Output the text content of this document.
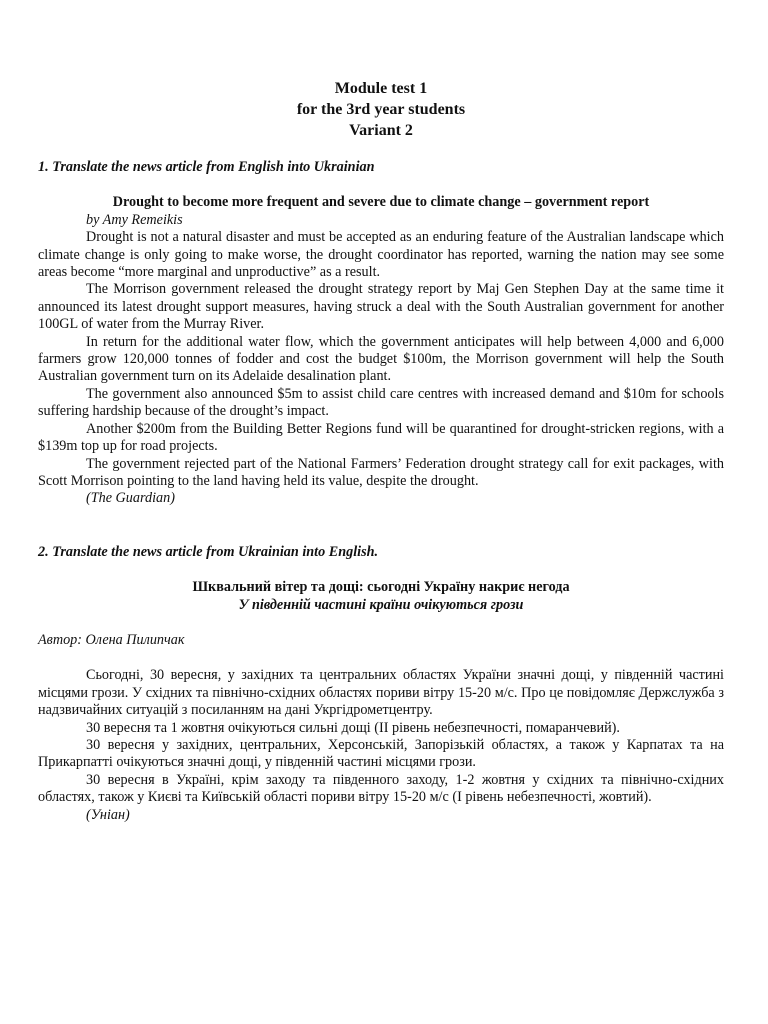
Module test 1
for the 3rd year students
Variant 2

1. Translate the news article from English into Ukrainian

Drought to become more frequent and severe due to climate change – government report

by Amy Remeikis

Drought is not a natural disaster and must be accepted as an enduring feature of the Australian landscape which climate change is only going to make worse, the drought coordinator has reported, warning the nation may see some areas become “more marginal and unproductive” as a result.

The Morrison government released the drought strategy report by Maj Gen Stephen Day at the same time it announced its latest drought support measures, having struck a deal with the South Australian government for another 100GL of water from the Murray River.

In return for the additional water flow, which the government anticipates will help between 4,000 and 6,000 farmers grow 120,000 tonnes of fodder and cost the budget $100m, the Morrison government will help the South Australian government turn on its Adelaide desalination plant.

The government also announced $5m to assist child care centres with increased demand and $10m for schools suffering hardship because of the drought’s impact.

Another $200m from the Building Better Regions fund will be quarantined for drought-stricken regions, with a $139m top up for road projects.

The government rejected part of the National Farmers’ Federation drought strategy call for exit packages, with Scott Morrison pointing to the land having held its value, despite the drought.

(The Guardian)

2. Translate the news article from Ukrainian into English.

Шквальний вітер та дощі: сьогодні Україну накриє негода

У південній частині країни очікуються грози

Автор: Олена Пилипчак

Сьогодні, 30 вересня, у західних та центральних областях України значні дощі, у південній частині місцями грози. У східних та північно-східних областях пориви вітру 15-20 м/с. Про це повідомляє Держслужба з надзвичайних ситуацій з посиланням на дані Укргідрометцентру.

30 вересня та 1 жовтня очікуються сильні дощі (ІІ рівень небезпечності, помаранчевий).

30 вересня у західних, центральних, Херсонській, Запорізькій областях, а також у Карпатах та на Прикарпатті очікуються значні дощі, у південній частині місцями грози.

30 вересня в Україні, крім заходу та південного заходу, 1-2 жовтня у східних та північно-східних областях, також у Києві та Київській області пориви вітру 15-20 м/с (І рівень небезпечності, жовтий).

(Уніан)
